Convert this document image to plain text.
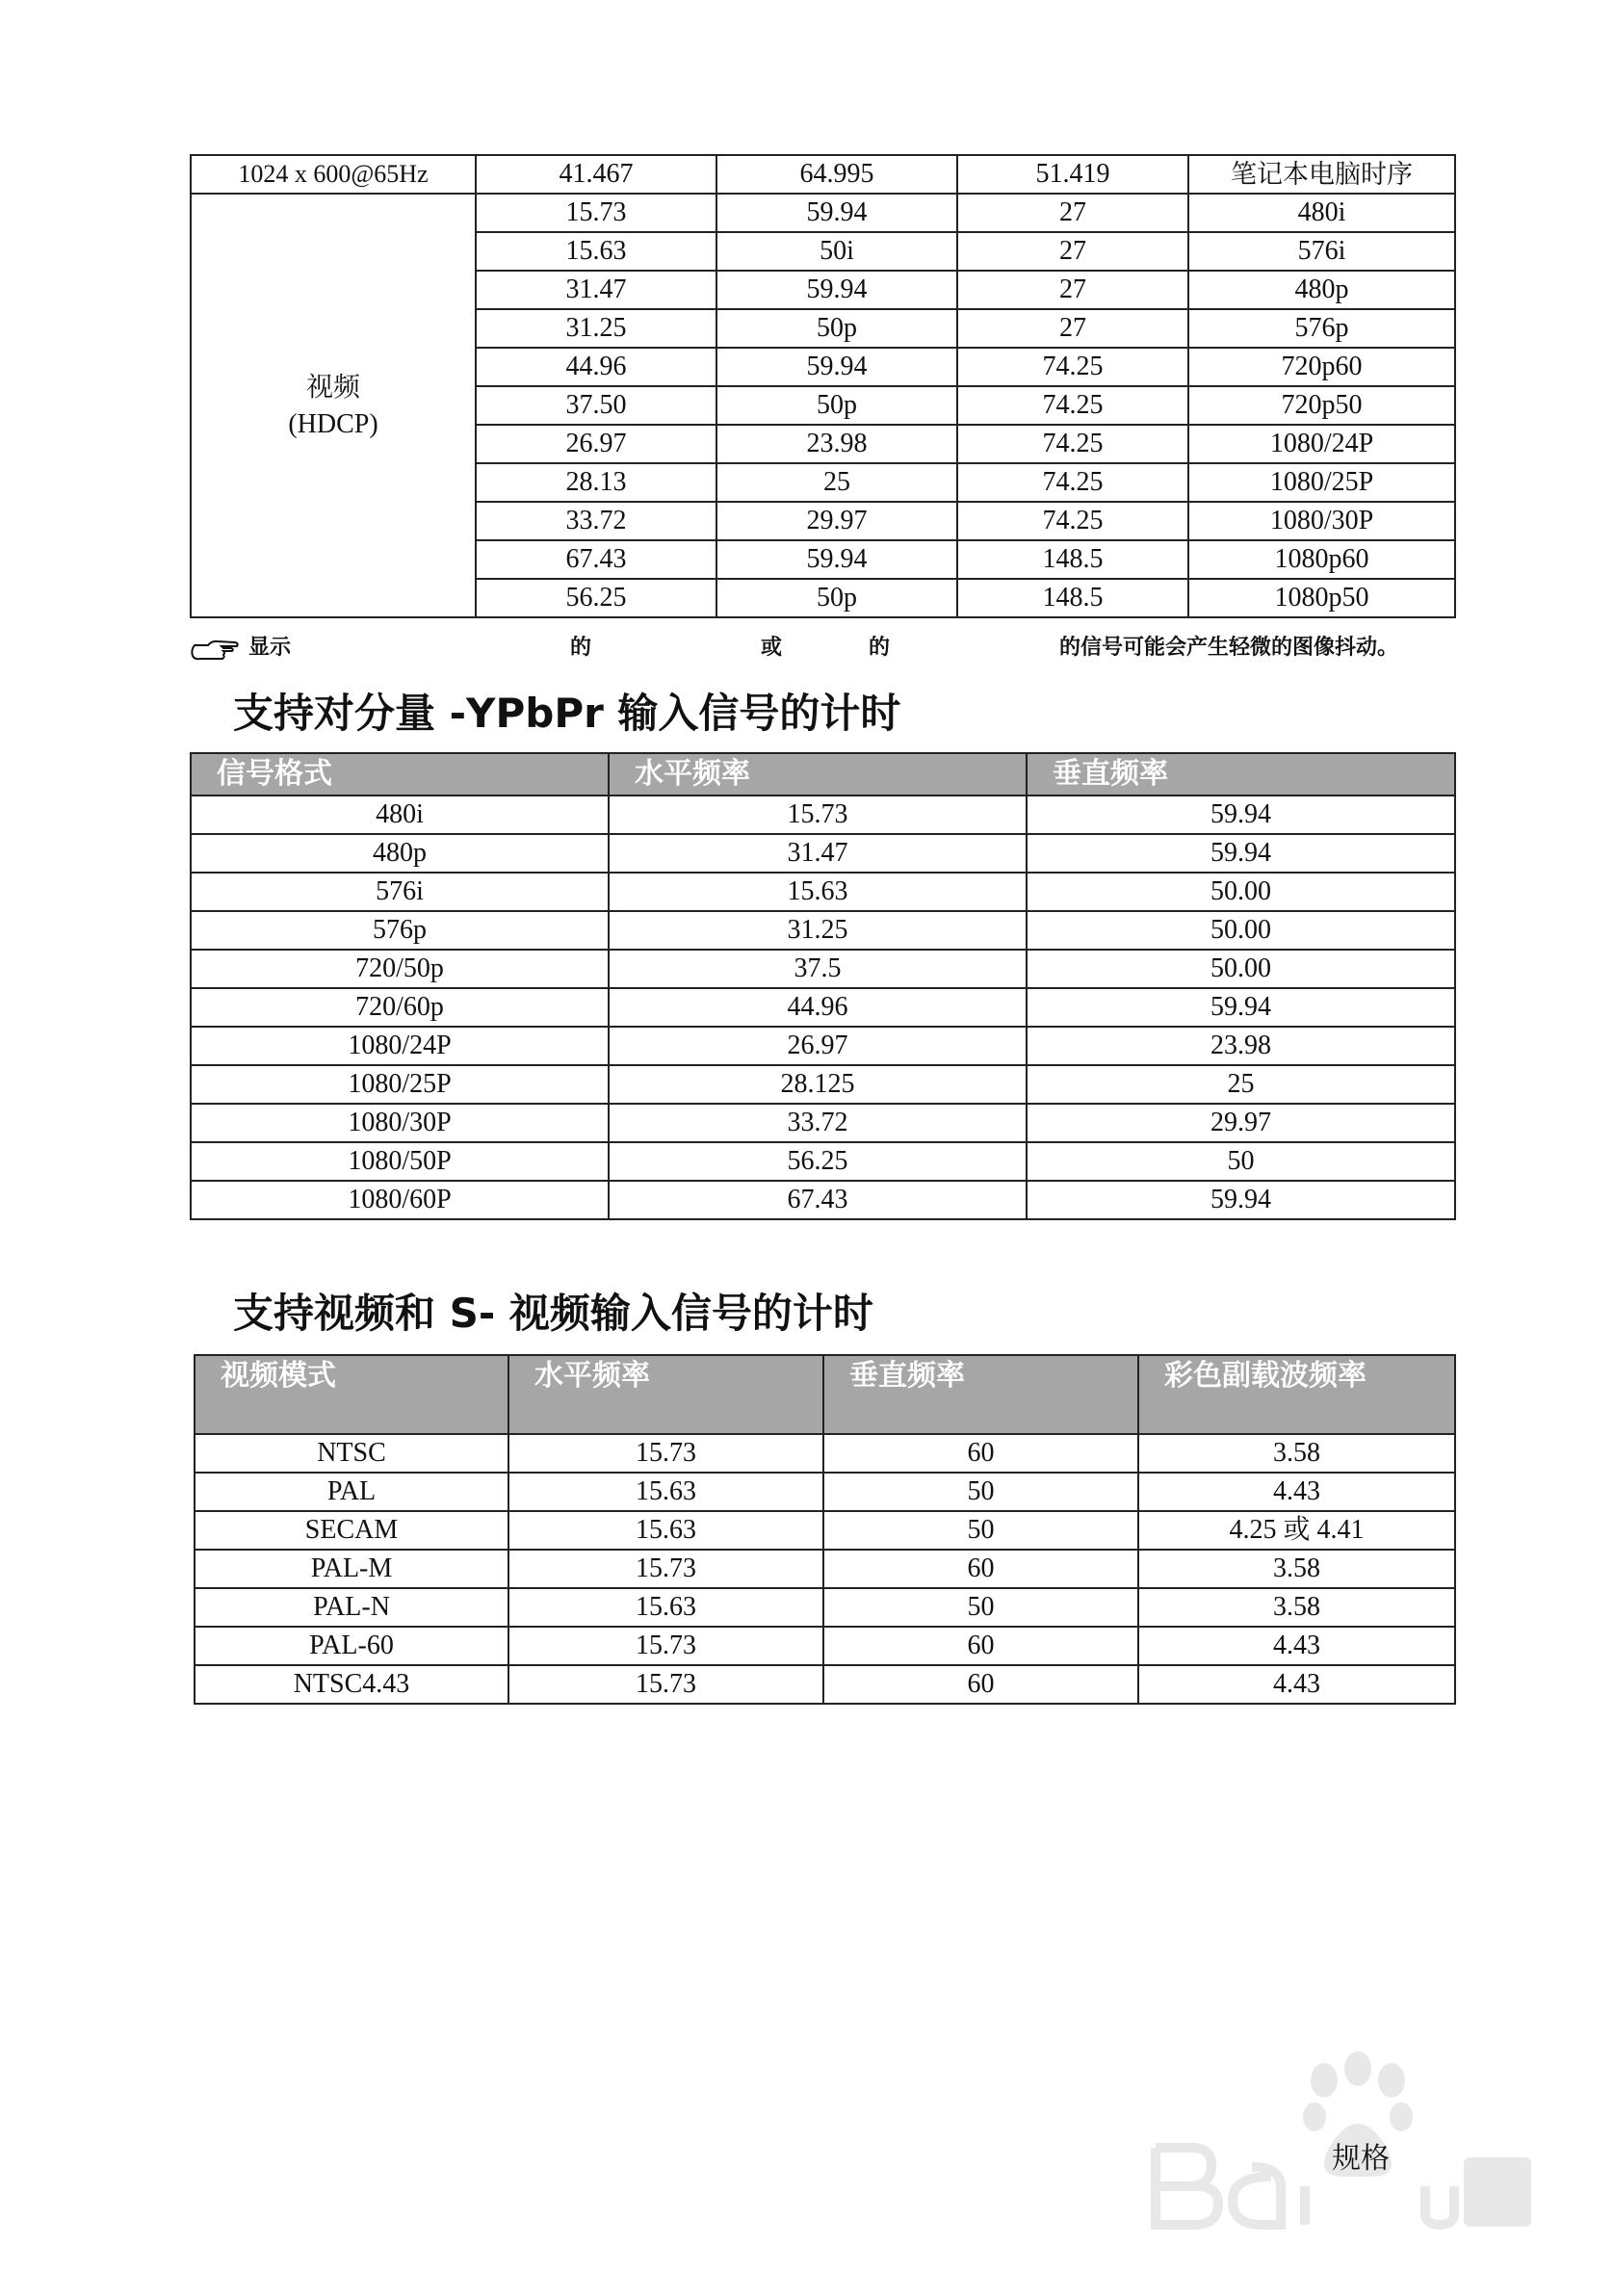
1024 x 600@65Hz	41.467	64.995	51.419	笔记本电脑时序

视频
(HDCP)	15.73	59.94	27	480i
	15.63	50i	27	576i
	31.47	59.94	27	480p
	31.25	50p	27	576p
	44.96	59.94	74.25	720p60
	37.50	50p	74.25	720p50
	26.97	23.98	74.25	1080/24P
	28.13	25	74.25	1080/25P
	33.72	29.97	74.25	1080/30P
	67.43	59.94	148.5	1080p60
	56.25	50p	148.5	1080p50
显示	的	或	的	的信号可能会产生轻微的图像抖动。
支持对分量 -YPbPr 输入信号的计时
信号格式	水平频率	垂直频率
480i	15.73	59.94
480p	31.47	59.94
576i	15.63	50.00
576p	31.25	50.00
720/50p	37.5	50.00
720/60p	44.96	59.94
1080/24P	26.97	23.98
1080/25P	28.125	25
1080/30P	33.72	29.97
1080/50P	56.25	50
1080/60P	67.43	59.94
支持视频和 S- 视频输入信号的计时
视频模式	水平频率	垂直频率	彩色副载波频率
NTSC	15.73	60	3.58
PAL	15.63	50	4.43
SECAM	15.63	50	4.25 或 4.41
PAL-M	15.73	60	3.58
PAL-N	15.63	50	3.58
PAL-60	15.73	60	4.43
NTSC4.43	15.73	60	4.43
规格
